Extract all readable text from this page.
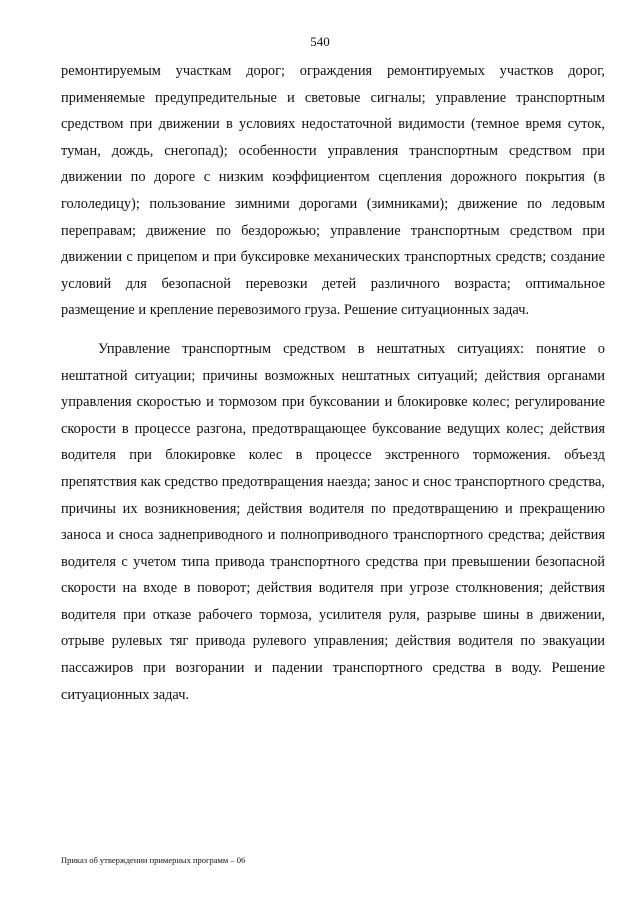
540

ремонтируемым участкам дорог; ограждения ремонтируемых участков дорог, применяемые предупредительные и световые сигналы; управление транспортным средством при движении в условиях недостаточной видимости (темное время суток, туман, дождь, снегопад); особенности управления транспортным средством при движении по дороге с низким коэффициентом сцепления дорожного покрытия (в гололедицу); пользование зимними дорогами (зимниками); движение по ледовым переправам; движение по бездорожью; управление транспортным средством при движении с прицепом и при буксировке механических транспортных средств; создание условий для безопасной перевозки детей различного возраста; оптимальное размещение и крепление перевозимого груза. Решение ситуационных задач.

Управление транспортным средством в нештатных ситуациях: понятие о нештатной ситуации; причины возможных нештатных ситуаций; действия органами управления скоростью и тормозом при буксовании и блокировке колес; регулирование скорости в процессе разгона, предотвращающее буксование ведущих колес; действия водителя при блокировке колес в процессе экстренного торможения. объезд препятствия как средство предотвращения наезда; занос и снос транспортного средства, причины их возникновения; действия водителя по предотвращению и прекращению заноса и сноса заднеприводного и полноприводного транспортного средства; действия водителя с учетом типа привода транспортного средства при превышении безопасной скорости на входе в поворот; действия водителя при угрозе столкновения; действия водителя при отказе рабочего тормоза, усилителя руля, разрыве шины в движении, отрыве рулевых тяг привода рулевого управления; действия водителя по эвакуации пассажиров при возгорании и падении транспортного средства в воду. Решение ситуационных задач.

Приказ об утверждении примерных программ – 06
